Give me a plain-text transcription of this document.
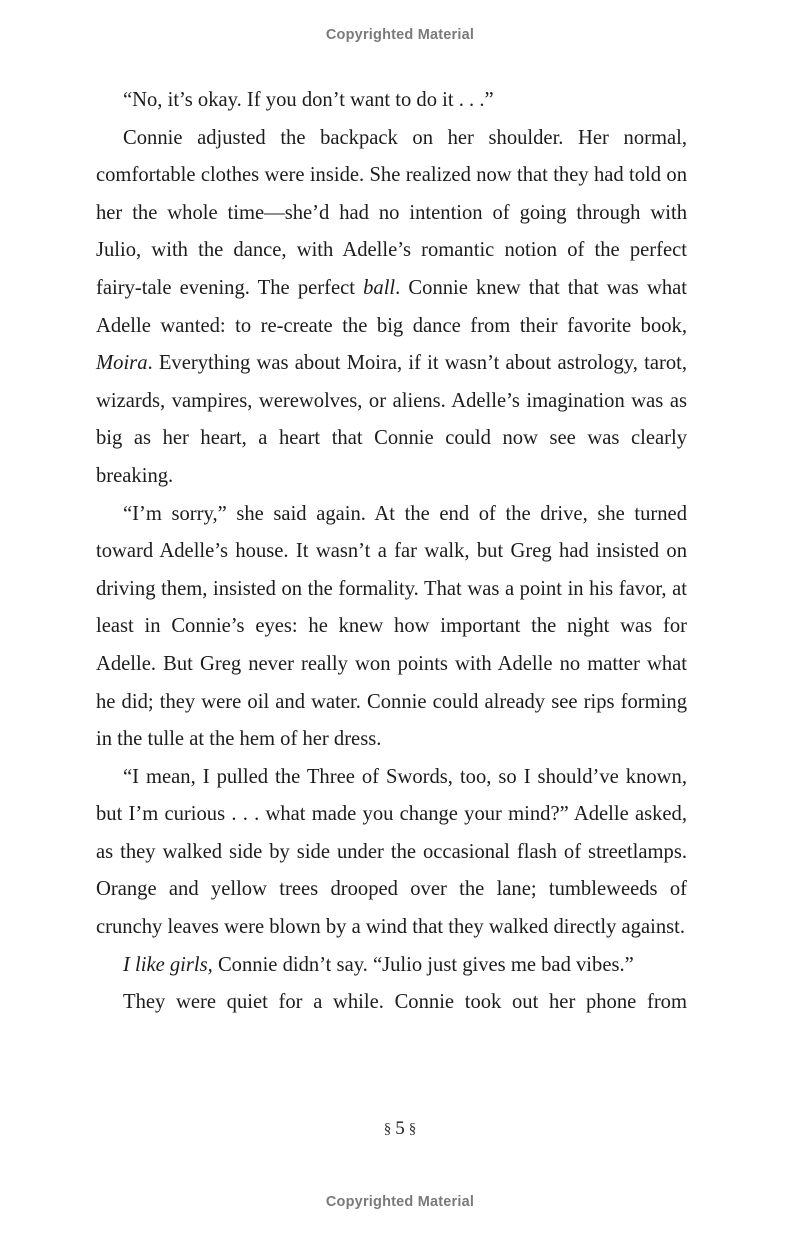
Copyrighted Material

“No, it’s okay. If you don’t want to do it . . .”

Connie adjusted the backpack on her shoulder. Her normal, comfortable clothes were inside. She realized now that they had told on her the whole time—she’d had no intention of going through with Julio, with the dance, with Adelle’s romantic notion of the perfect fairy-tale evening. The perfect ball. Connie knew that that was what Adelle wanted: to re-create the big dance from their favorite book, Moira. Everything was about Moira, if it wasn’t about astrology, tarot, wizards, vampires, werewolves, or aliens. Adelle’s imagination was as big as her heart, a heart that Connie could now see was clearly breaking.

“I’m sorry,” she said again. At the end of the drive, she turned toward Adelle’s house. It wasn’t a far walk, but Greg had insisted on driving them, insisted on the formality. That was a point in his favor, at least in Connie’s eyes: he knew how important the night was for Adelle. But Greg never really won points with Adelle no matter what he did; they were oil and water. Connie could already see rips forming in the tulle at the hem of her dress.

“I mean, I pulled the Three of Swords, too, so I should’ve known, but I’m curious . . . what made you change your mind?” Adelle asked, as they walked side by side under the occasional flash of streetlamps. Orange and yellow trees drooped over the lane; tumbleweeds of crunchy leaves were blown by a wind that they walked directly against.

I like girls, Connie didn’t say. “Julio just gives me bad vibes.”

They were quiet for a while. Connie took out her phone from

§ 5 §
Copyrighted Material
